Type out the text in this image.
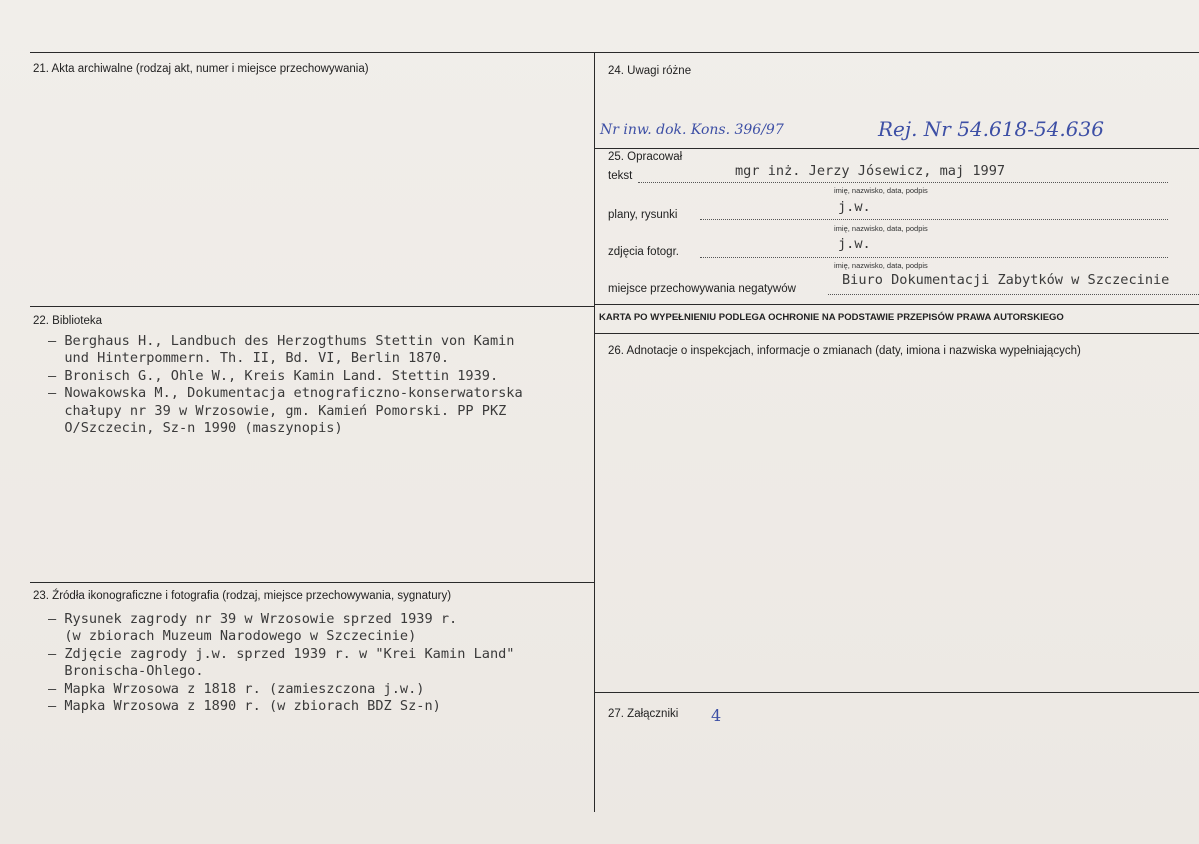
21. Akta archiwalne (rodzaj akt, numer i miejsce przechowywania)
22. Biblioteka
– Berghaus H., Landbuch des Herzogthums Stettin von Kamin
und Hinterpommern. Th. II, Bd. VI, Berlin 1870.
– Bronisch G., Ohle W., Kreis Kamin Land. Stettin 1939.
– Nowakowska M., Dokumentacja etnograficzno-konserwatorska
chałupy nr 39 w Wrzosowie, gm. Kamień Pomorski. PP PKZ
O/Szczecin, Sz-n 1990 (maszynopis)
23. Źródła ikonograficzne i fotografia (rodzaj, miejsce przechowywania, sygnatury)
– Rysunek zagrody nr 39 w Wrzosowie sprzed 1939 r.
(w zbiorach Muzeum Narodowego w Szczecinie)
– Zdjęcie zagrody j.w. sprzed 1939 r. w "Krei Kamin Land"
Bronischa-Ohlego.
– Mapka Wrzosowa z 1818 r. (zamieszczona j.w.)
– Mapka Wrzosowa z 1890 r. (w zbiorach BDZ Sz-n)
24. Uwagi różne
Nr inw. dok. Kons. 396/97	Rej. Nr 54.618-54.636
25. Opracował
tekst	mgr inż. Jerzy Jósewicz, maj 1997
imię, nazwisko, data, podpis
plany, rysunki	j.w.
imię, nazwisko, data, podpis
zdjęcia fotogr.	j.w.
imię, nazwisko, data, podpis
miejsce przechowywania negatywów
Biuro Dokumentacji Zabytków w Szczecinie
KARTA PO WYPEŁNIENIU PODLEGA OCHRONIE NA PODSTAWIE PRZEPISÓW PRAWA AUTORSKIEGO
26. Adnotacje o inspekcjach, informacje o zmianach (daty, imiona i nazwiska wypełniających)
27. Załączniki 4
